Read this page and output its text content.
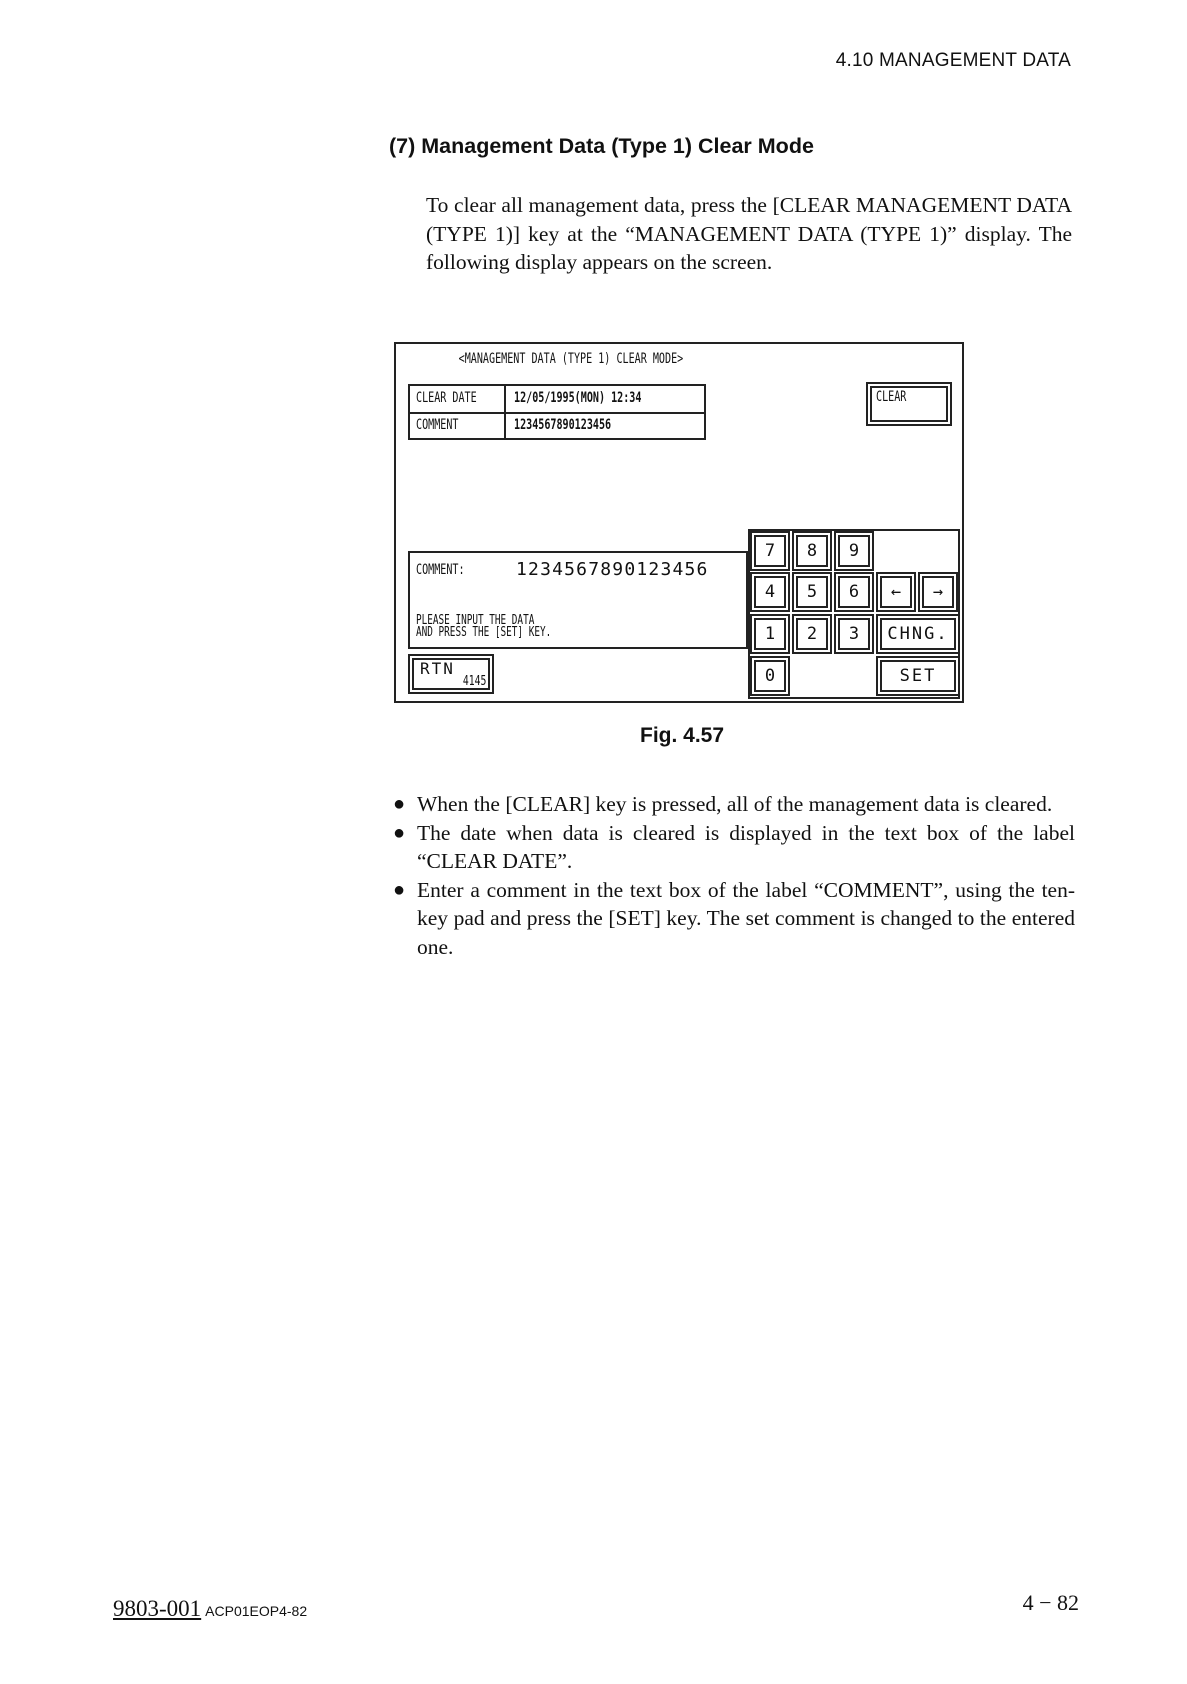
4.10 MANAGEMENT DATA
(7) Management Data (Type 1) Clear Mode
To clear all management data, press the [CLEAR MANAGEMENT DATA (TYPE 1)] key at the “MANAGEMENT DATA (TYPE 1)” display. The following display appears on the screen.
<MANAGEMENT DATA (TYPE 1) CLEAR MODE>
CLEAR DATE	12/05/1995(MON) 12:34
COMMENT	1234567890123456
CLEAR
COMMENT:	1234567890123456
PLEASE INPUT THE DATA
AND PRESS THE [SET] KEY.
RTN
4145
7	8	9
4	5	6	←	→
1	2	3	CHNG.
0	SET
Fig. 4.57
● When the [CLEAR] key is pressed, all of the management data is cleared.
● The date when data is cleared is displayed in the text box of the label “CLEAR DATE”.
● Enter a comment in the text box of the label “COMMENT”, using the ten-key pad and press the [SET] key. The set comment is changed to the entered one.
9803-001 ACP01EOP4-82	4 − 82
